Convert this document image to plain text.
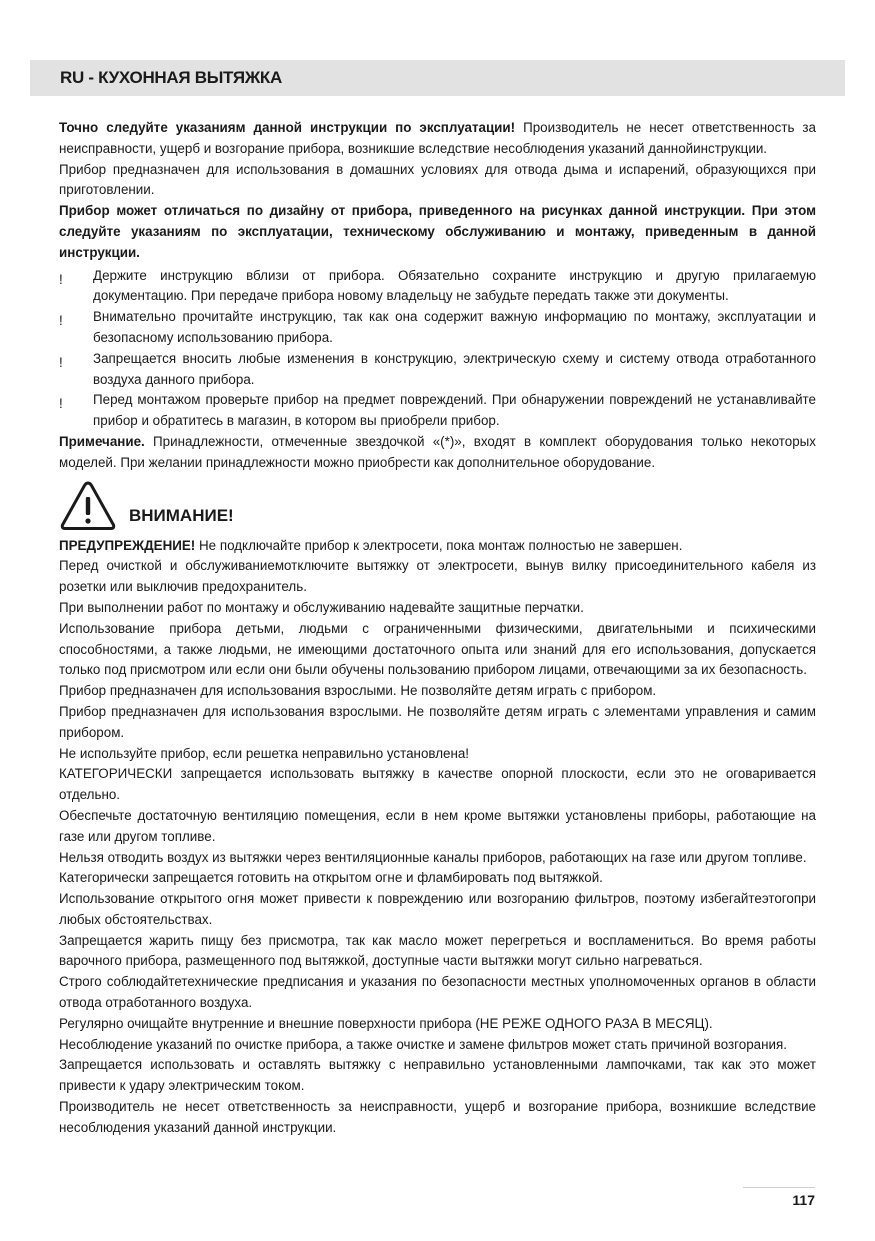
RU - КУХОННАЯ ВЫТЯЖКА

Точно следуйте указаниям данной инструкции по эксплуатации! Производитель не несет ответственность за неисправности, ущерб и возгорание прибора, возникшие вследствие несоблюдения указаний даннойинструкции.

Прибор предназначен для использования в домашних условиях для отвода дыма и испарений, образующихся при приготовлении.

Прибор может отличаться по дизайну от прибора, приведенного на рисунках данной инструкции. При этом следуйте указаниям по эксплуатации, техническому обслуживанию и монтажу, приведенным в данной инструкции.

!	Держите инструкцию вблизи от прибора. Обязательно сохраните инструкцию и другую прилагаемую документацию. При передаче прибора новому владельцу не забудьте передать также эти документы.
!	Внимательно прочитайте инструкцию, так как она содержит важную информацию по монтажу, эксплуатации и безопасному использованию прибора.
!	Запрещается вносить любые изменения в конструкцию, электрическую схему и систему отвода отработанного воздуха данного прибора.
!	Перед монтажом проверьте прибор на предмет повреждений. При обнаружении повреждений не устанавливайте прибор и обратитесь в магазин, в котором вы приобрели прибор.

Примечание. Принадлежности, отмеченные звездочкой «(*)», входят в комплект оборудования только некоторых моделей. При желании принадлежности можно приобрести как дополнительное оборудование.

ВНИМАНИЕ!

ПРЕДУПРЕЖДЕНИЕ! Не подключайте прибор к электросети, пока монтаж полностью не завершен.

Перед очисткой и обслуживаниемотключите вытяжку от электросети, вынув вилку присоединительного кабеля из розетки или выключив предохранитель.

При выполнении работ по монтажу и обслуживанию надевайте защитные перчатки.

Использование прибора детьми, людьми с ограниченными физическими, двигательными и психическими способностями, а также людьми, не имеющими достаточного опыта или знаний для его использования, допускается только под присмотром или если они были обучены пользованию прибором лицами, отвечающими за их безопасность.

Прибор предназначен для использования взрослыми. Не позволяйте детям играть с прибором.

Прибор предназначен для использования взрослыми. Не позволяйте детям играть с элементами управления и самим прибором.

Не используйте прибор, если решетка неправильно установлена!

КАТЕГОРИЧЕСКИ запрещается использовать вытяжку в качестве опорной плоскости, если это не оговаривается отдельно.

Обеспечьте достаточную вентиляцию помещения, если в нем кроме вытяжки установлены приборы, работающие на газе или другом топливе.

Нельзя отводить воздух из вытяжки через вентиляционные каналы приборов, работающих на газе или другом топливе.

Категорически запрещается готовить на открытом огне и фламбировать под вытяжкой.

Использование открытого огня может привести к повреждению или возгоранию фильтров, поэтому избегайтеэтогопри любых обстоятельствах.

Запрещается жарить пищу без присмотра, так как масло может перегреться и воспламениться. Во время работы варочного прибора, размещенного под вытяжкой, доступные части вытяжки могут сильно нагреваться.

Строго соблюдайтетехнические предписания и указания по безопасности местных уполномоченных органов в области отвода отработанного воздуха.

Регулярно очищайте внутренние и внешние поверхности прибора (НЕ РЕЖЕ ОДНОГО РАЗА В МЕСЯЦ).

Несоблюдение указаний по очистке прибора, а также очистке и замене фильтров может стать причиной возгорания.

Запрещается использовать и оставлять вытяжку с неправильно установленными лампочками, так как это может привести к удару электрическим током.

Производитель не несет ответственность за неисправности, ущерб и возгорание прибора, возникшие вследствие несоблюдения указаний данной инструкции.

117
